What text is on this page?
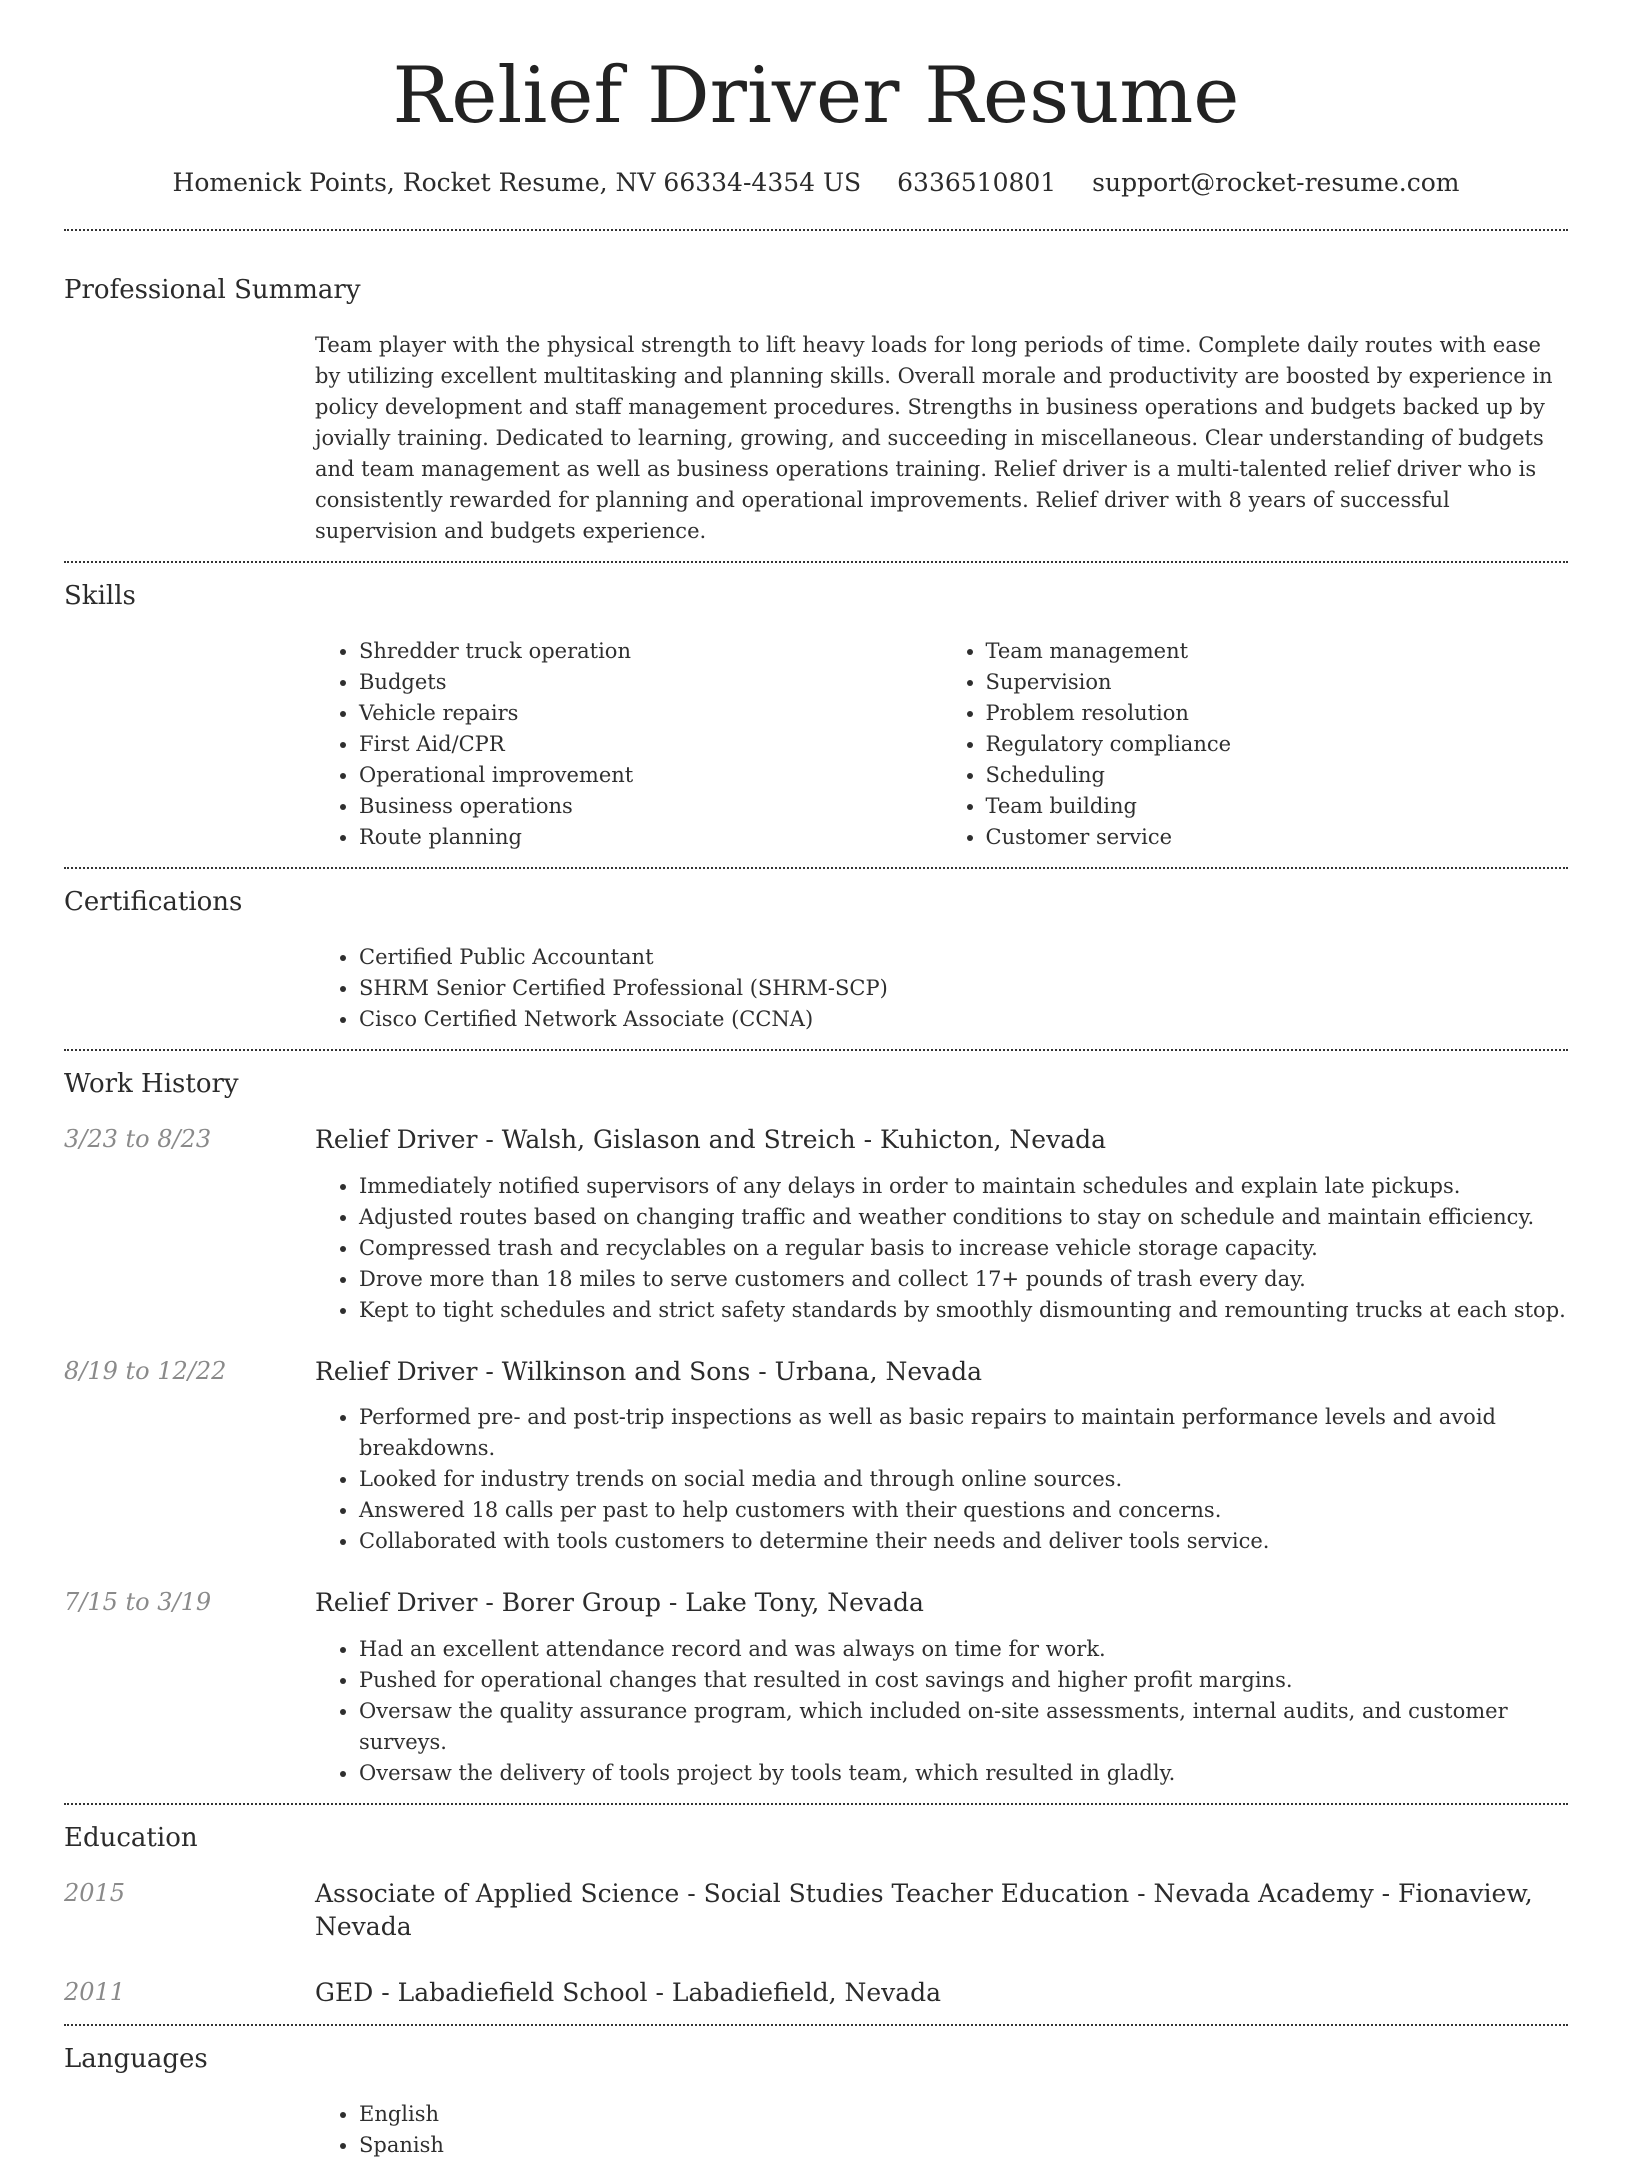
Relief Driver Resume
Homenick Points, Rocket Resume, NV 66334-4354 US 6336510801 support@rocket-resume.com
Professional Summary

Team player with the physical strength to lift heavy loads for long periods of time. Complete daily routes with ease by utilizing excellent multitasking and planning skills. Overall morale and productivity are boosted by experience in policy development and staff management procedures. Strengths in business operations and budgets backed up by jovially training. Dedicated to learning, growing, and succeeding in miscellaneous. Clear understanding of budgets and team management as well as business operations training. Relief driver is a multi-talented relief driver who is consistently rewarded for planning and operational improvements. Relief driver with 8 years of successful supervision and budgets experience.

Skills
• Shredder truck operation
• Budgets
• Vehicle repairs
• First Aid/CPR
• Operational improvement
• Business operations
• Route planning
• Team management
• Supervision
• Problem resolution
• Regulatory compliance
• Scheduling
• Team building
• Customer service
Certifications
• Certified Public Accountant
• SHRM Senior Certified Professional (SHRM-SCP)
• Cisco Certified Network Associate (CCNA)
Work History
3/23 to 8/23	Relief Driver - Walsh, Gislason and Streich - Kuhicton, Nevada
• Immediately notified supervisors of any delays in order to maintain schedules and explain late pickups.
• Adjusted routes based on changing traffic and weather conditions to stay on schedule and maintain efficiency.
• Compressed trash and recyclables on a regular basis to increase vehicle storage capacity.
• Drove more than 18 miles to serve customers and collect 17+ pounds of trash every day.
• Kept to tight schedules and strict safety standards by smoothly dismounting and remounting trucks at each stop.
8/19 to 12/22	Relief Driver - Wilkinson and Sons - Urbana, Nevada
• Performed pre- and post-trip inspections as well as basic repairs to maintain performance levels and avoid breakdowns.
• Looked for industry trends on social media and through online sources.
• Answered 18 calls per past to help customers with their questions and concerns.
• Collaborated with tools customers to determine their needs and deliver tools service.
7/15 to 3/19	Relief Driver - Borer Group - Lake Tony, Nevada
• Had an excellent attendance record and was always on time for work.
• Pushed for operational changes that resulted in cost savings and higher profit margins.
• Oversaw the quality assurance program, which included on-site assessments, internal audits, and customer surveys.
• Oversaw the delivery of tools project by tools team, which resulted in gladly.
Education
2015	Associate of Applied Science - Social Studies Teacher Education - Nevada Academy - Fionaview, Nevada
2011	GED - Labadiefield School - Labadiefield, Nevada
Languages
• English
• Spanish
